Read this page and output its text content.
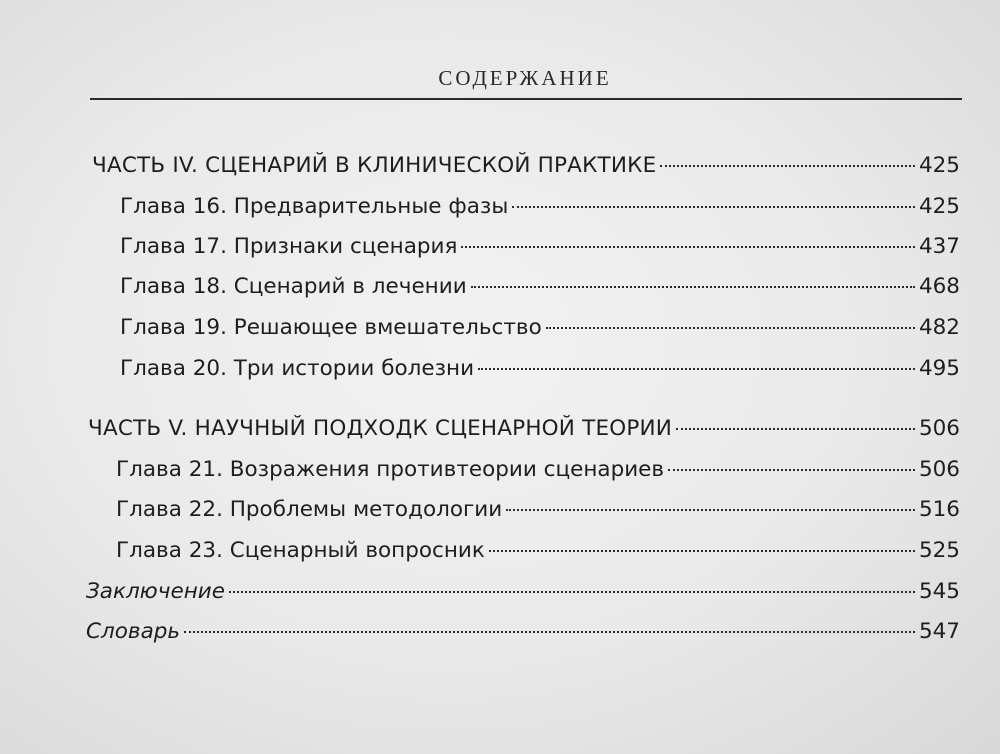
СОДЕРЖАНИЕ
ЧАСТЬ IV. СЦЕНАРИЙ В КЛИНИЧЕСКОЙ ПРАКТИКЕ	425
Глава 16. Предварительные фазы	425
Глава 17. Признаки сценария	437
Глава 18. Сценарий в лечении	468
Глава 19. Решающее вмешательство	482
Глава 20. Три истории болезни	495
ЧАСТЬ V. НАУЧНЫЙ ПОДХОДК СЦЕНАРНОЙ ТЕОРИИ	506
Глава 21. Возражения противтеории сценариев	506
Глава 22. Проблемы методологии	516
Глава 23. Сценарный вопросник	525
Заключение	545
Словарь	547
